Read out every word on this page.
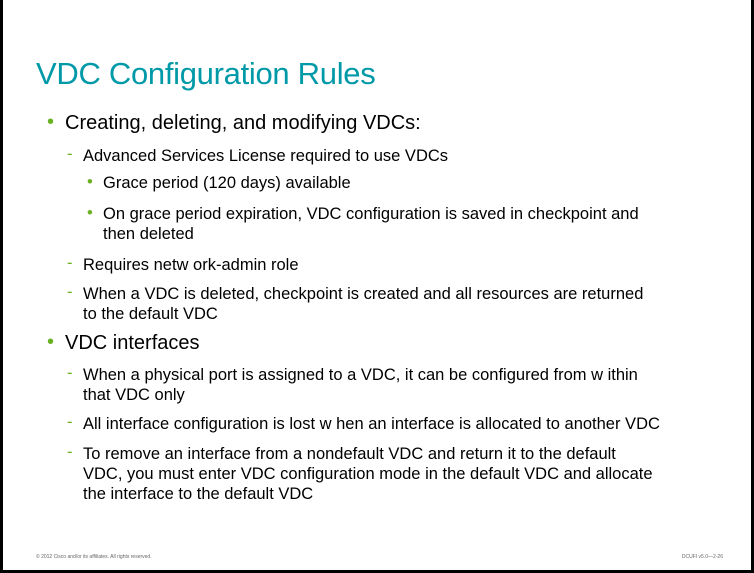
VDC Configuration Rules
• Creating, deleting, and modifying VDCs:
- Advanced Services License required to use VDCs
• Grace period (120 days) available
• On grace period expiration, VDC configuration is saved in checkpoint and
then deleted
- Requires netw ork-admin role
- When a VDC is deleted, checkpoint is created and all resources are returned
to the default VDC
• VDC interfaces
- When a physical port is assigned to a VDC, it can be configured from w ithin
that VDC only
- All interface configuration is lost w hen an interface is allocated to another VDC
- To remove an interface from a nondefault VDC and return it to the default
VDC, you must enter VDC configuration mode in the default VDC and allocate
the interface to the default VDC
© 2012 Cisco and/or its affiliates. All rights reserved.	DCUFI v5.0—2-26
